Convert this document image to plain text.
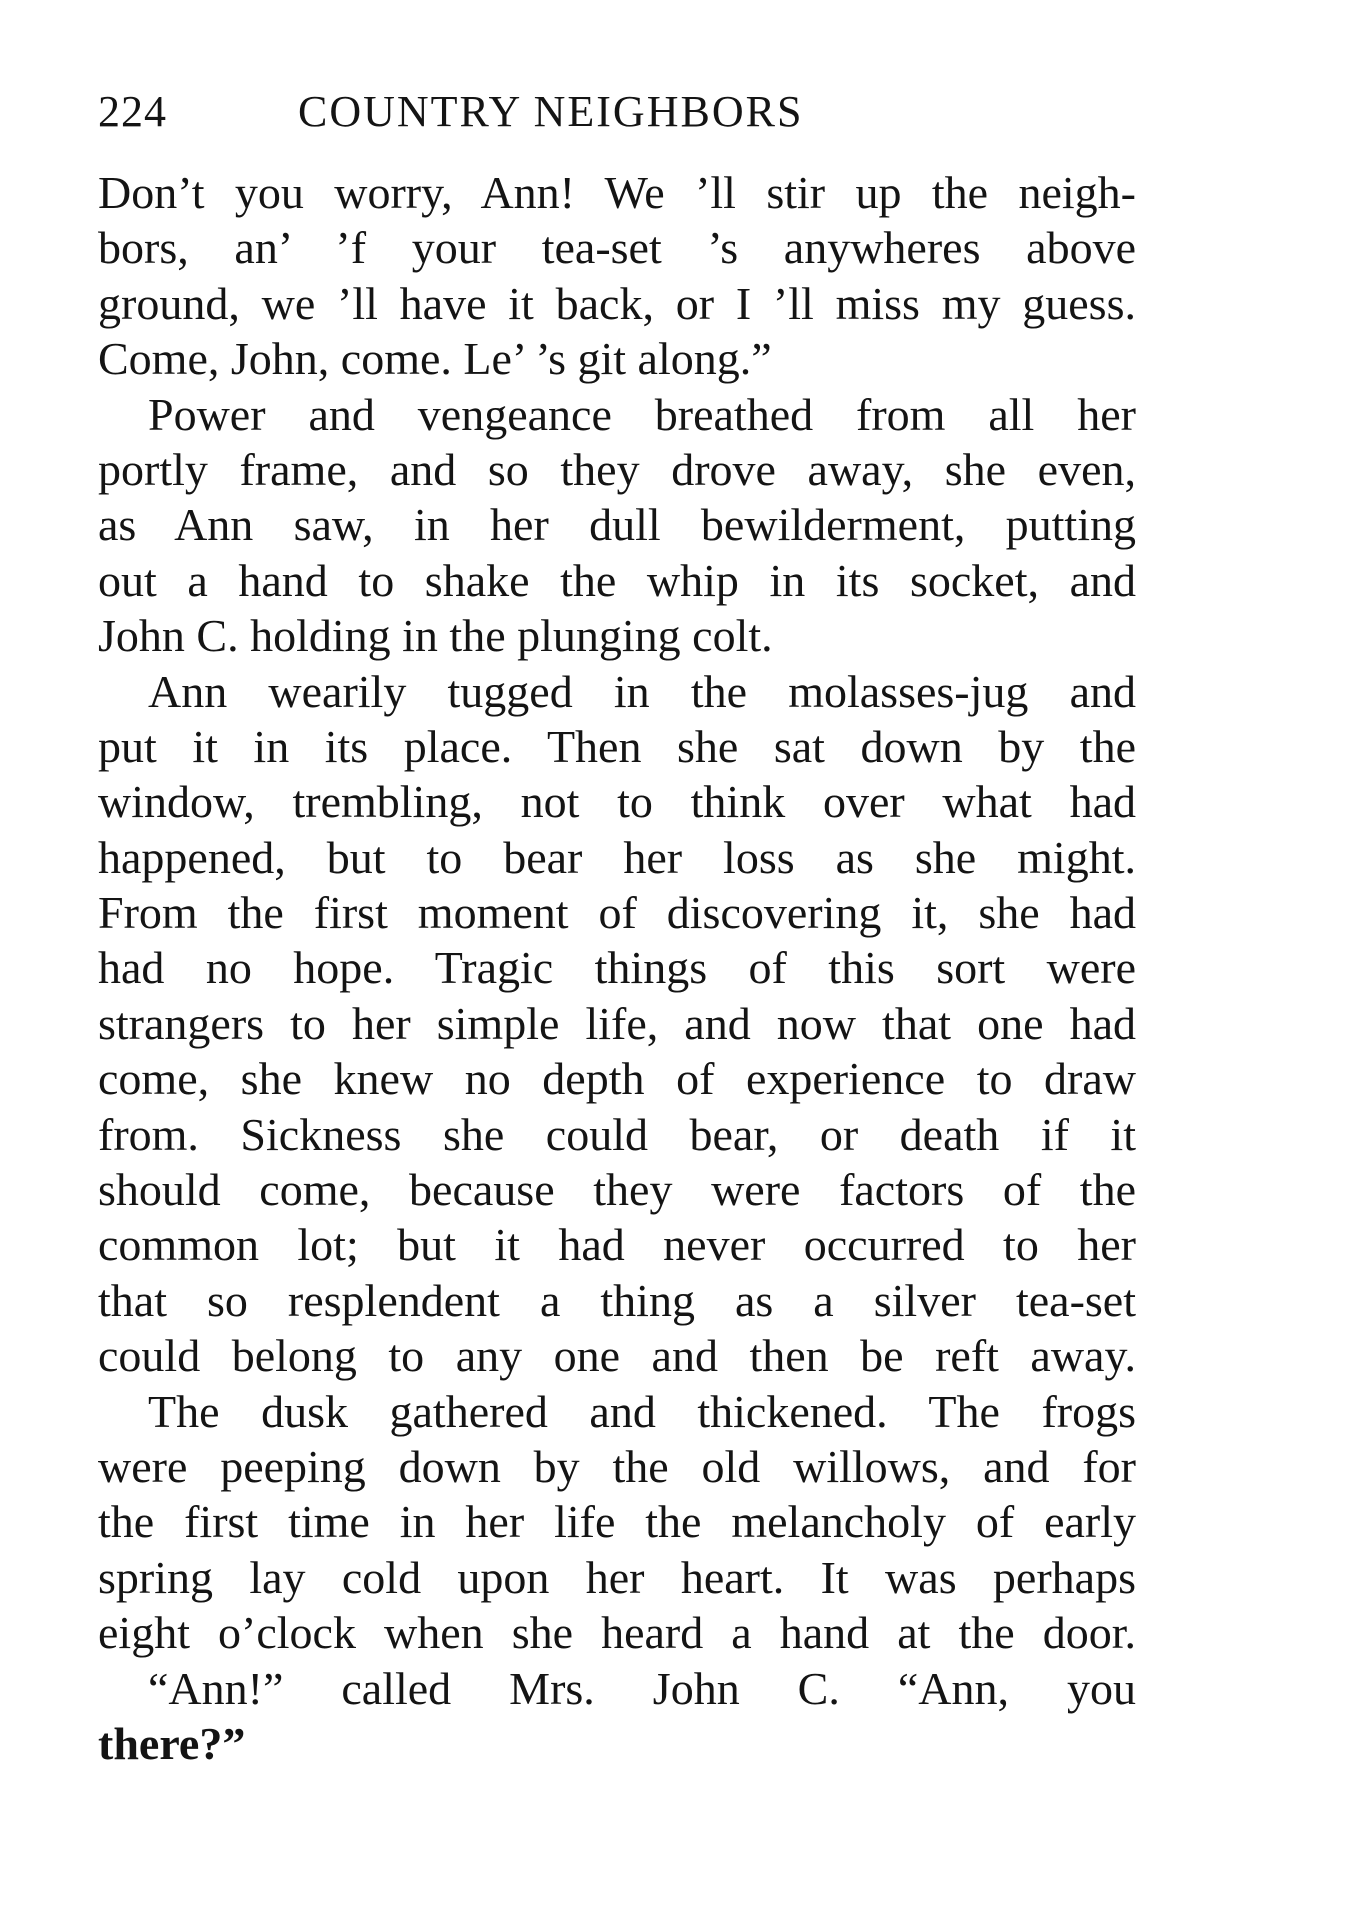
224	COUNTRY NEIGHBORS
Don’t you worry, Ann! We ’ll stir up the neigh-
bors, an’ ’f your tea-set ’s anywheres above
ground, we ’ll have it back, or I ’ll miss my guess.
Come, John, come. Le’ ’s git along.”
Power and vengeance breathed from all her
portly frame, and so they drove away, she even,
as Ann saw, in her dull bewilderment, putting
out a hand to shake the whip in its socket, and
John C. holding in the plunging colt.
Ann wearily tugged in the molasses-jug and
put it in its place. Then she sat down by the
window, trembling, not to think over what had
happened, but to bear her loss as she might.
From the first moment of discovering it, she had
had no hope. Tragic things of this sort were
strangers to her simple life, and now that one had
come, she knew no depth of experience to draw
from. Sickness she could bear, or death if it
should come, because they were factors of the
common lot; but it had never occurred to her
that so resplendent a thing as a silver tea-set
could belong to any one and then be reft away.
The dusk gathered and thickened. The frogs
were peeping down by the old willows, and for
the first time in her life the melancholy of early
spring lay cold upon her heart. It was perhaps
eight o’clock when she heard a hand at the door.
“Ann!” called Mrs. John C. “Ann, you
there?”
